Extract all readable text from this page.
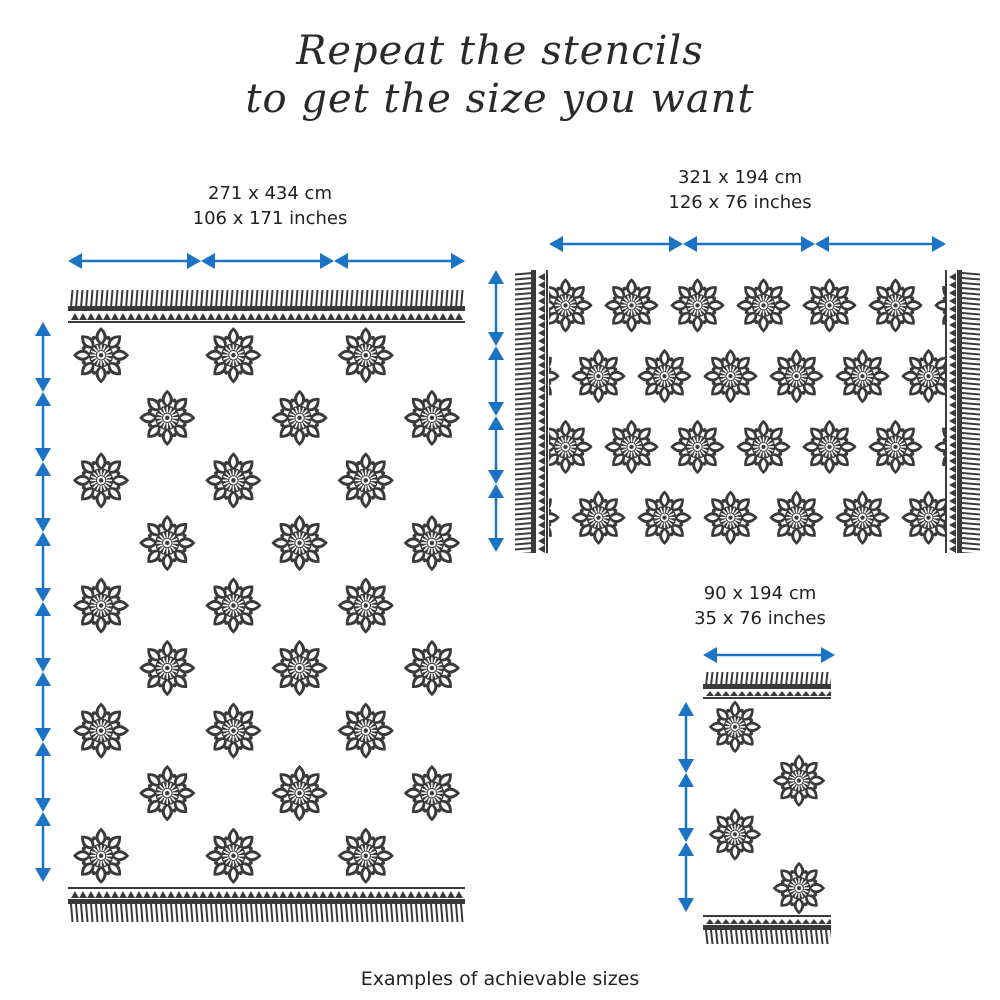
Repeat the stencils
to get the size you want
271 x 434 cm
106 x 171 inches
321 x 194 cm
126 x 76 inches
90 x 194 cm
35 x 76 inches
Examples of achievable sizes
